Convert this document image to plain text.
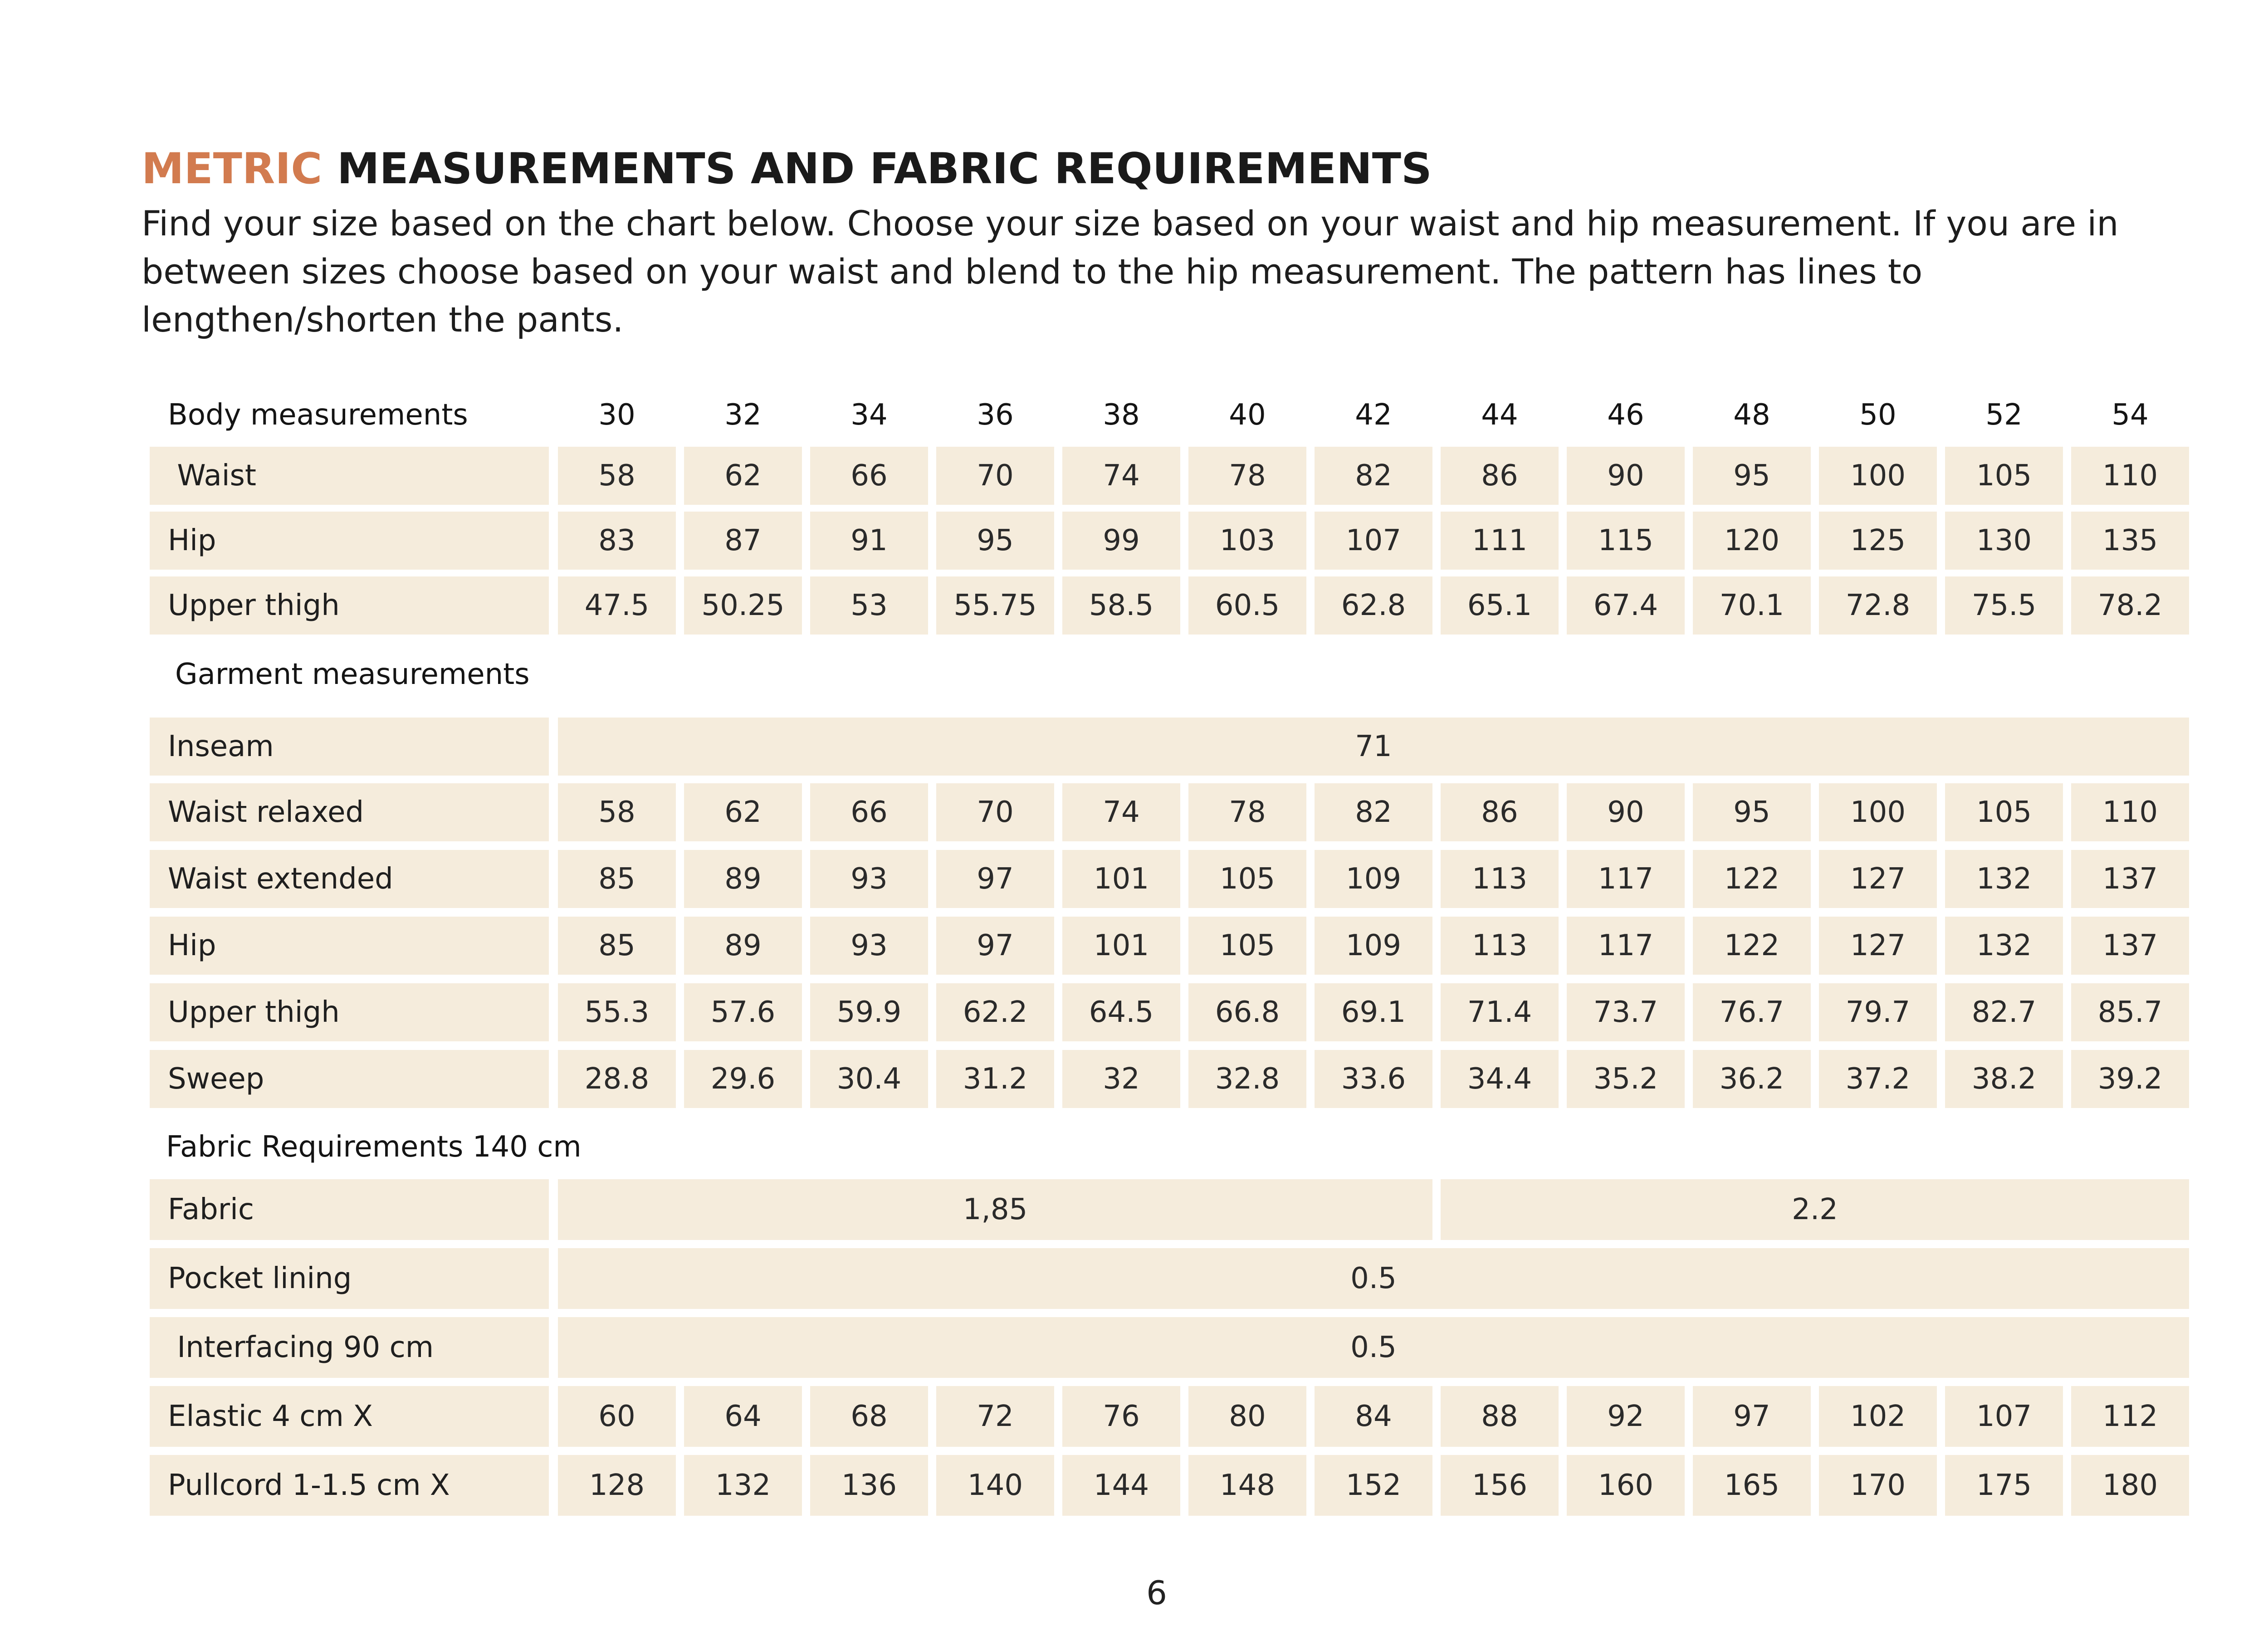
METRIC MEASUREMENTS AND FABRIC REQUIREMENTS
Find your size based on the chart below. Choose your size based on your waist and hip measurement. If you are in between sizes choose based on your waist and blend to the hip measurement. The pattern has lines to lengthen/shorten the pants.
Body measurements	30	32	34	36	38	40	42	44	46	48	50	52	54
Waist	58	62	66	70	74	78	82	86	90	95	100	105	110
Hip	83	87	91	95	99	103	107	111	115	120	125	130	135
Upper thigh	47.5	50.25	53	55.75	58.5	60.5	62.8	65.1	67.4	70.1	72.8	75.5	78.2
Garment measurements
Inseam	71
Waist relaxed	58	62	66	70	74	78	82	86	90	95	100	105	110
Waist extended	85	89	93	97	101	105	109	113	117	122	127	132	137
Hip	85	89	93	97	101	105	109	113	117	122	127	132	137
Upper thigh	55.3	57.6	59.9	62.2	64.5	66.8	69.1	71.4	73.7	76.7	79.7	82.7	85.7
Sweep	28.8	29.6	30.4	31.2	32	32.8	33.6	34.4	35.2	36.2	37.2	38.2	39.2
Fabric Requirements 140 cm
Fabric	1,85	2.2
Pocket lining	0.5
Interfacing 90 cm	0.5
Elastic 4 cm X	60	64	68	72	76	80	84	88	92	97	102	107	112
Pullcord 1-1.5 cm X	128	132	136	140	144	148	152	156	160	165	170	175	180
6
